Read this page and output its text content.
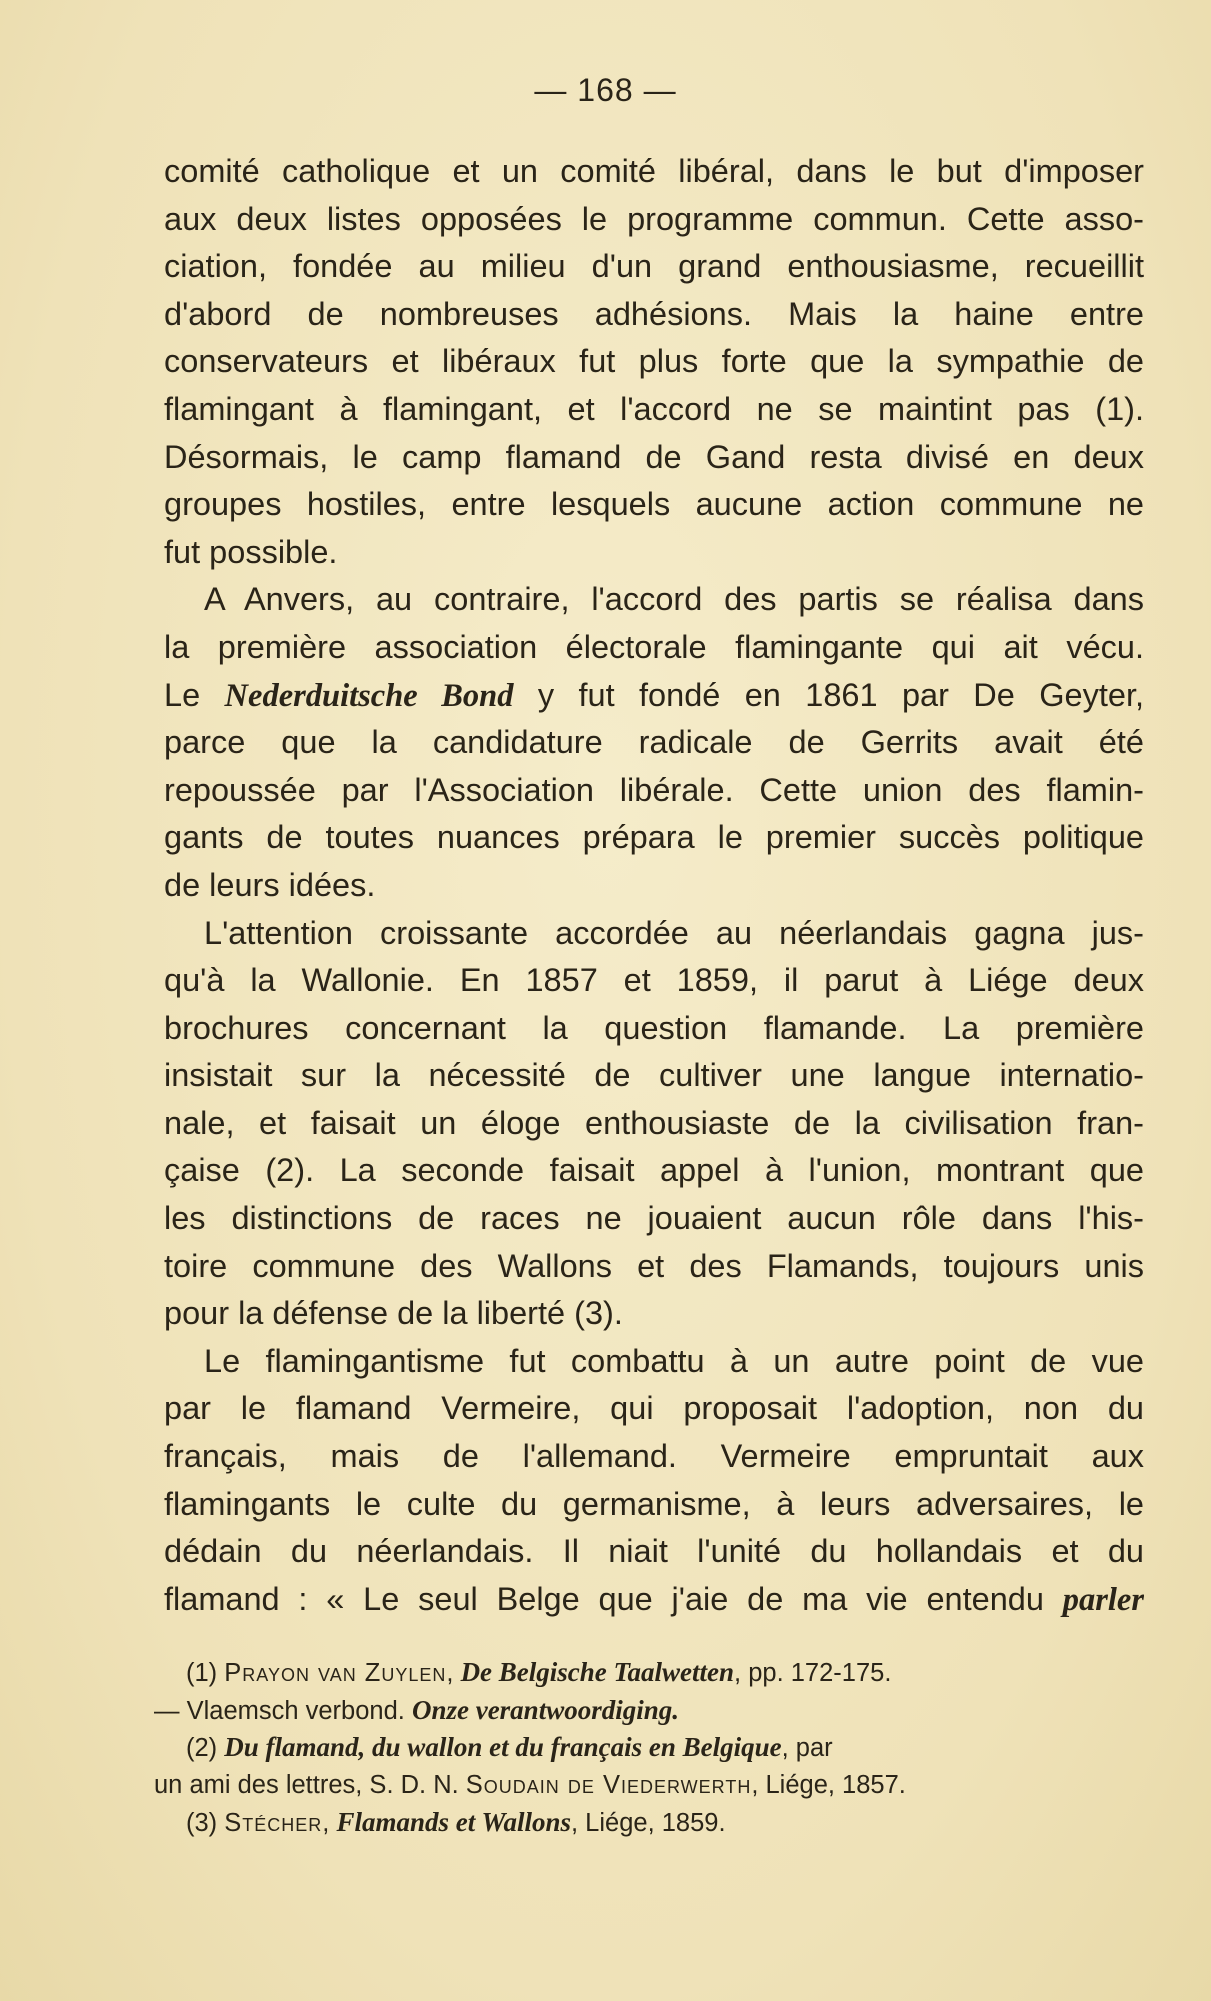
— 168 —
comité catholique et un comité libéral, dans le but d'imposer
aux deux listes opposées le programme commun. Cette asso-
ciation, fondée au milieu d'un grand enthousiasme, recueillit
d'abord de nombreuses adhésions. Mais la haine entre
conservateurs et libéraux fut plus forte que la sympathie de
flamingant à flamingant, et l'accord ne se maintint pas (1).
Désormais, le camp flamand de Gand resta divisé en deux
groupes hostiles, entre lesquels aucune action commune ne
fut possible.
A Anvers, au contraire, l'accord des partis se réalisa dans
la première association électorale flamingante qui ait vécu.
Le Nederduitsche Bond y fut fondé en 1861 par De Geyter,
parce que la candidature radicale de Gerrits avait été
repoussée par l'Association libérale. Cette union des flamin-
gants de toutes nuances prépara le premier succès politique
de leurs idées.
L'attention croissante accordée au néerlandais gagna jus-
qu'à la Wallonie. En 1857 et 1859, il parut à Liége deux
brochures concernant la question flamande. La première
insistait sur la nécessité de cultiver une langue internatio-
nale, et faisait un éloge enthousiaste de la civilisation fran-
çaise (2). La seconde faisait appel à l'union, montrant que
les distinctions de races ne jouaient aucun rôle dans l'his-
toire commune des Wallons et des Flamands, toujours unis
pour la défense de la liberté (3).
Le flamingantisme fut combattu à un autre point de vue
par le flamand Vermeire, qui proposait l'adoption, non du
français, mais de l'allemand. Vermeire empruntait aux
flamingants le culte du germanisme, à leurs adversaires, le
dédain du néerlandais. Il niait l'unité du hollandais et du
flamand : « Le seul Belge que j'aie de ma vie entendu parler
(1) Prayon van Zuylen, De Belgische Taalwetten, pp. 172-175.
— Vlaemsch verbond. Onze verantwoordiging.
(2) Du flamand, du wallon et du français en Belgique, par
un ami des lettres, S. D. N. Soudain de Viederwerth, Liége, 1857.
(3) Stécher, Flamands et Wallons, Liége, 1859.
